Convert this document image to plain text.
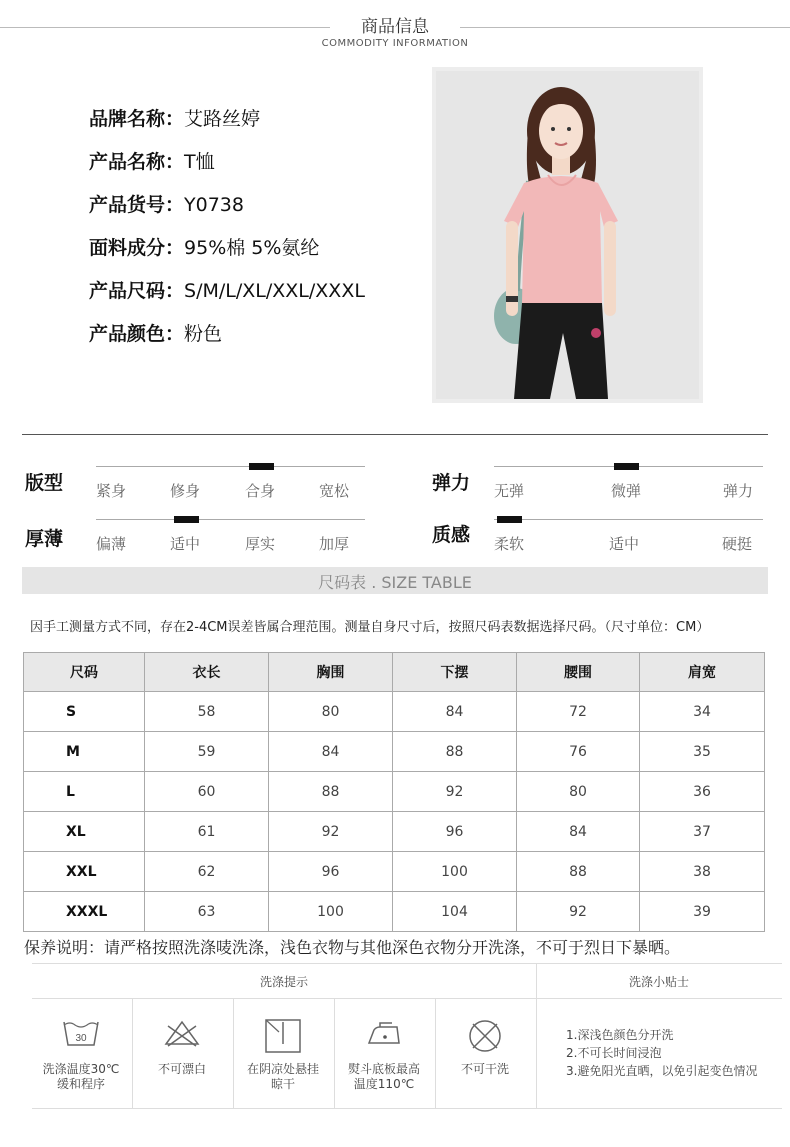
商品信息
COMMODITY INFORMATION
品牌名称：艾路丝婷
产品名称：T恤
产品货号：Y0738
面料成分：95%棉 5%氨纶
产品尺码：S/M/L/XL/XXL/XXXL
产品颜色：粉色
版型 紧身	修身	合身	宽松	弹力 无弹	微弹	弹力
厚薄 偏薄	适中	厚实	加厚	质感 柔软	适中	硬挺
尺码表 . SIZE TABLE
因手工测量方式不同，存在2-4CM误差皆属合理范围。测量自身尺寸后，按照尺码表数据选择尺码。（尺寸单位：CM）
尺码	衣长	胸围	下摆	腰围	肩宽
S	58	80	84	72	34
M	59	84	88	76	35
L	60	88	92	80	36
XL	61	92	96	84	37
XXL	62	96	100	88	38
XXXL	63	100	104	92	39
保养说明：请严格按照洗涤唛洗涤，浅色衣物与其他深色衣物分开洗涤，不可于烈日下暴晒。
洗涤提示	洗涤小贴士
30
洗涤温度30℃
缓和程序
不可漂白	在阴凉处悬挂
晾干
熨斗底板最高
温度110℃
不可干洗
1.深浅色颜色分开洗
2.不可长时间浸泡
3.避免阳光直晒，以免引起变色情况
